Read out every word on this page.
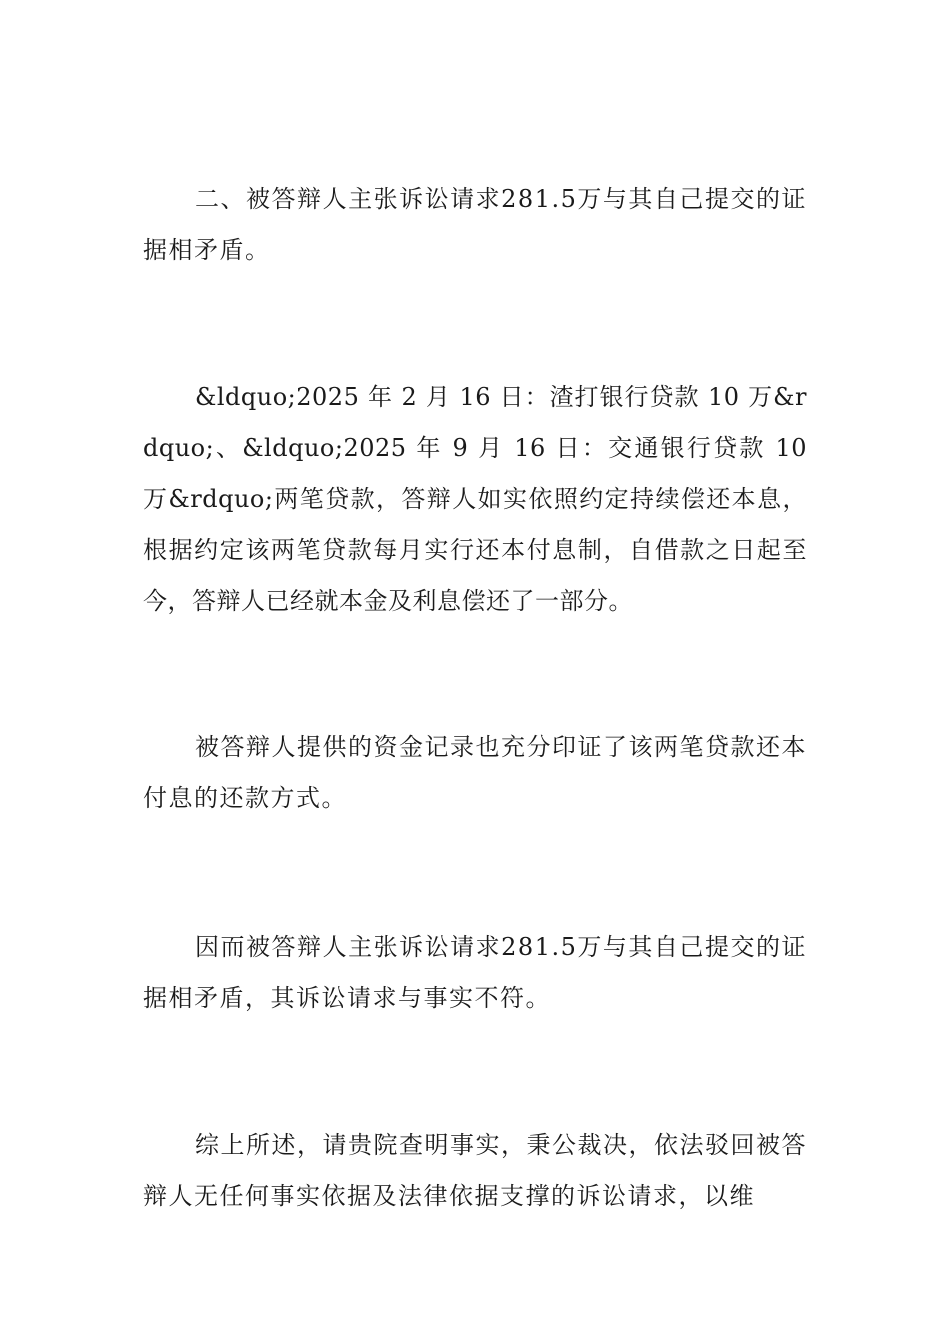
二、被答辩人主张诉讼请求281.5万与其自己提交的证据相矛盾。

&ldquo;2025 年 2 月 16 日：渣打银行贷款 10 万&rdquo;、&ldquo;2025 年 9 月 16 日：交通银行贷款 10 万&rdquo;两笔贷款，答辩人如实依照约定持续偿还本息，根据约定该两笔贷款每月实行还本付息制，自借款之日起至今，答辩人已经就本金及利息偿还了一部分。

被答辩人提供的资金记录也充分印证了该两笔贷款还本付息的还款方式。

因而被答辩人主张诉讼请求281.5万与其自己提交的证据相矛盾，其诉讼请求与事实不符。

综上所述，请贵院查明事实，秉公裁决，依法驳回被答辩人无任何事实依据及法律依据支撑的诉讼请求，以维
